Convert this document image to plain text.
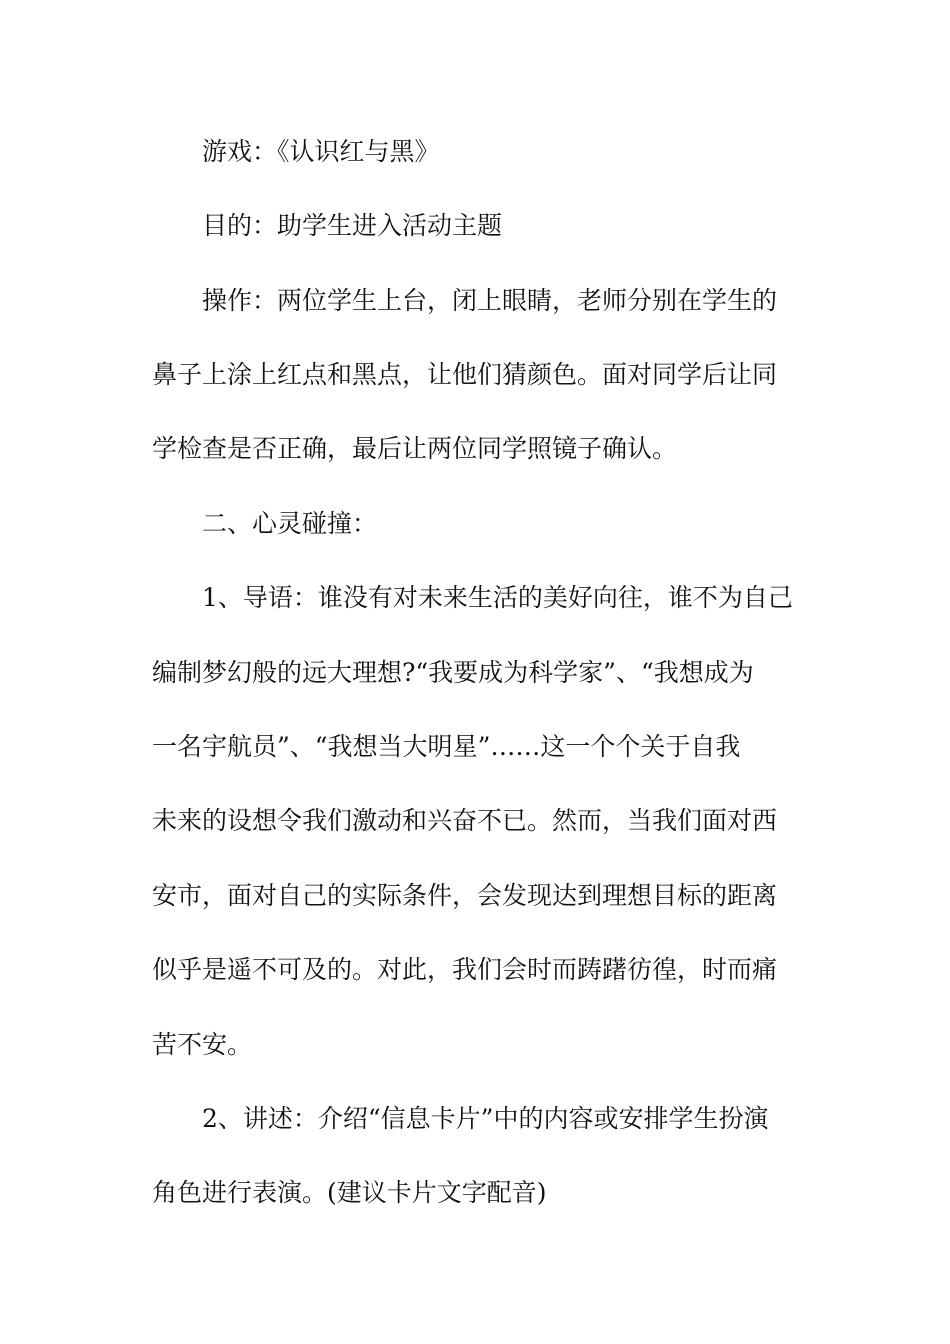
游戏：《认识红与黑》
目的：助学生进入活动主题
操作：两位学生上台，闭上眼睛，老师分别在学生的
鼻子上涂上红点和黑点，让他们猜颜色。面对同学后让同
学检查是否正确，最后让两位同学照镜子确认。
二、心灵碰撞：
1、导语：谁没有对未来生活的美好向往，谁不为自己
编制梦幻般的远大理想?“我要成为科学家”、“我想成为
一名宇航员”、“我想当大明星”……这一个个关于自我
未来的设想令我们激动和兴奋不已。然而，当我们面对西
安市，面对自己的实际条件，会发现达到理想目标的距离
似乎是遥不可及的。对此，我们会时而踌躇彷徨，时而痛
苦不安。
2、讲述：介绍“信息卡片”中的内容或安排学生扮演
角色进行表演。(建议卡片文字配音)
